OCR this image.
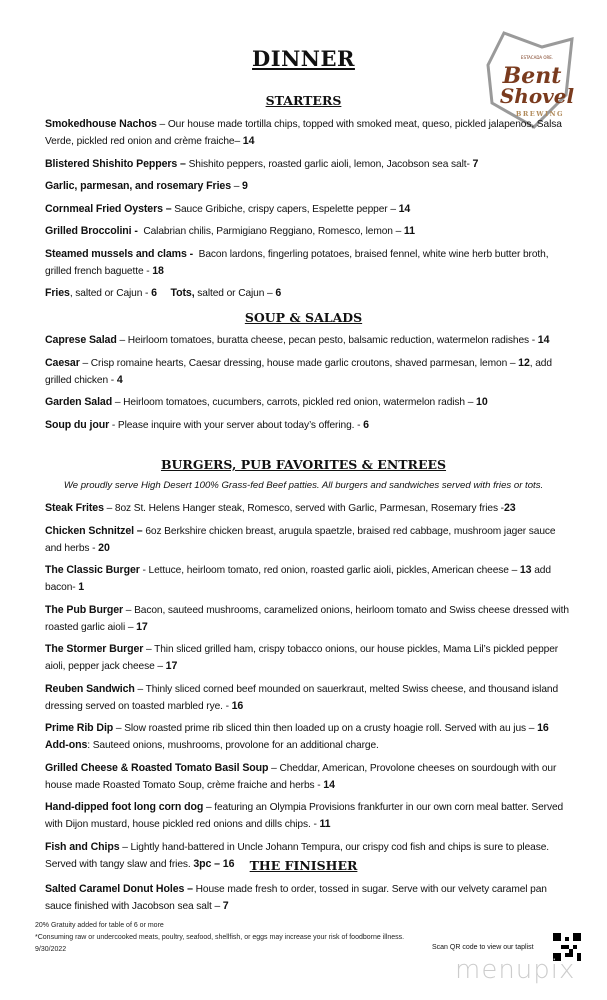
ESTACADA ORE.
Bent
Shovel
BREWING
DINNER
STARTERS
Smokedhouse Nachos – Our house made tortilla chips, topped with smoked meat, queso, pickled jalapenos, Salsa Verde, pickled red onion and crème fraiche– 14
Blistered Shishito Peppers – Shishito peppers, roasted garlic aioli, lemon, Jacobson sea salt- 7
Garlic, parmesan, and rosemary Fries – 9
Cornmeal Fried Oysters – Sauce Gribiche, crispy capers, Espelette pepper – 14
Grilled Broccolini -  Calabrian chilis, Parmigiano Reggiano, Romesco, lemon – 11
Steamed mussels and clams -  Bacon lardons, fingerling potatoes, braised fennel, white wine herb butter broth, grilled french baguette - 18
Fries, salted or Cajun - 6 Tots, salted or Cajun – 6
SOUP & SALADS
Caprese Salad – Heirloom tomatoes, buratta cheese, pecan pesto, balsamic reduction, watermelon radishes - 14
Caesar – Crisp romaine hearts, Caesar dressing, house made garlic croutons, shaved parmesan, lemon – 12, add grilled chicken - 4
Garden Salad – Heirloom tomatoes, cucumbers, carrots, pickled red onion, watermelon radish – 10
Soup du jour - Please inquire with your server about today’s offering. - 6
BURGERS, PUB FAVORITES & ENTREES
We proudly serve High Desert 100% Grass-fed Beef patties. All burgers and sandwiches served with fries or tots.
Steak Frites – 8oz St. Helens Hanger steak, Romesco, served with Garlic, Parmesan, Rosemary fries -23
Chicken Schnitzel – 6oz Berkshire chicken breast, arugula spaetzle, braised red cabbage, mushroom jager sauce and herbs - 20
The Classic Burger - Lettuce, heirloom tomato, red onion, roasted garlic aioli, pickles, American cheese – 13 add bacon- 1
The Pub Burger – Bacon, sauteed mushrooms, caramelized onions, heirloom tomato and Swiss cheese dressed with roasted garlic aioli – 17
The Stormer Burger – Thin sliced grilled ham, crispy tobacco onions, our house pickles, Mama Lil’s pickled pepper aioli, pepper jack cheese – 17
Reuben Sandwich – Thinly sliced corned beef mounded on sauerkraut, melted Swiss cheese, and thousand island dressing served on toasted marbled rye. - 16
Prime Rib Dip – Slow roasted prime rib sliced thin then loaded up on a crusty hoagie roll. Served with au jus – 16
Add-ons: Sauteed onions, mushrooms, provolone for an additional charge.
Grilled Cheese & Roasted Tomato Basil Soup – Cheddar, American, Provolone cheeses on sourdough with our house made Roasted Tomato Soup, crème fraiche and herbs - 14
Hand-dipped foot long corn dog – featuring an Olympia Provisions frankfurter in our own corn meal batter. Served with Dijon mustard, house pickled red onions and dills chips. - 11
Fish and Chips – Lightly hand-battered in Uncle Johann Tempura, our crispy cod fish and chips is sure to please. Served with tangy slaw and fries. 3pc – 16	THE FINISHER
Salted Caramel Donut Holes – House made fresh to order, tossed in sugar. Serve with our velvety caramel pan sauce finished with Jacobson sea salt – 7
20% Gratuity added for table of 6 or more
*Consuming raw or undercooked meats, poultry, seafood, shellfish, or eggs may increase your risk of foodborne illness.
9/30/2022	Scan QR code to view our taplist
menupix
